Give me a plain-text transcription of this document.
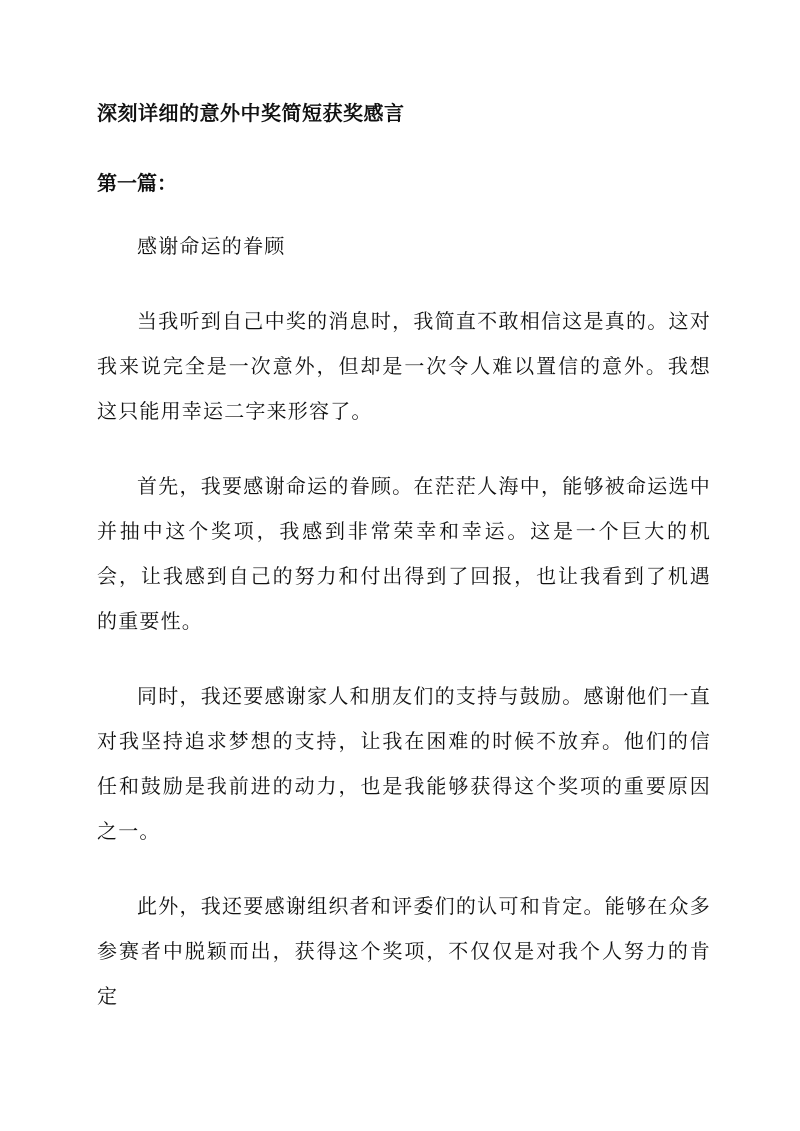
深刻详细的意外中奖简短获奖感言
第一篇：

感谢命运的眷顾

当我听到自己中奖的消息时，我简直不敢相信这是真的。这对我来说完全是一次意外，但却是一次令人难以置信的意外。我想这只能用幸运二字来形容了。

首先，我要感谢命运的眷顾。在茫茫人海中，能够被命运选中并抽中这个奖项，我感到非常荣幸和幸运。这是一个巨大的机会，让我感到自己的努力和付出得到了回报，也让我看到了机遇的重要性。

同时，我还要感谢家人和朋友们的支持与鼓励。感谢他们一直对我坚持追求梦想的支持，让我在困难的时候不放弃。他们的信任和鼓励是我前进的动力，也是我能够获得这个奖项的重要原因之一。

此外，我还要感谢组织者和评委们的认可和肯定。能够在众多参赛者中脱颖而出，获得这个奖项，不仅仅是对我个人努力的肯定
